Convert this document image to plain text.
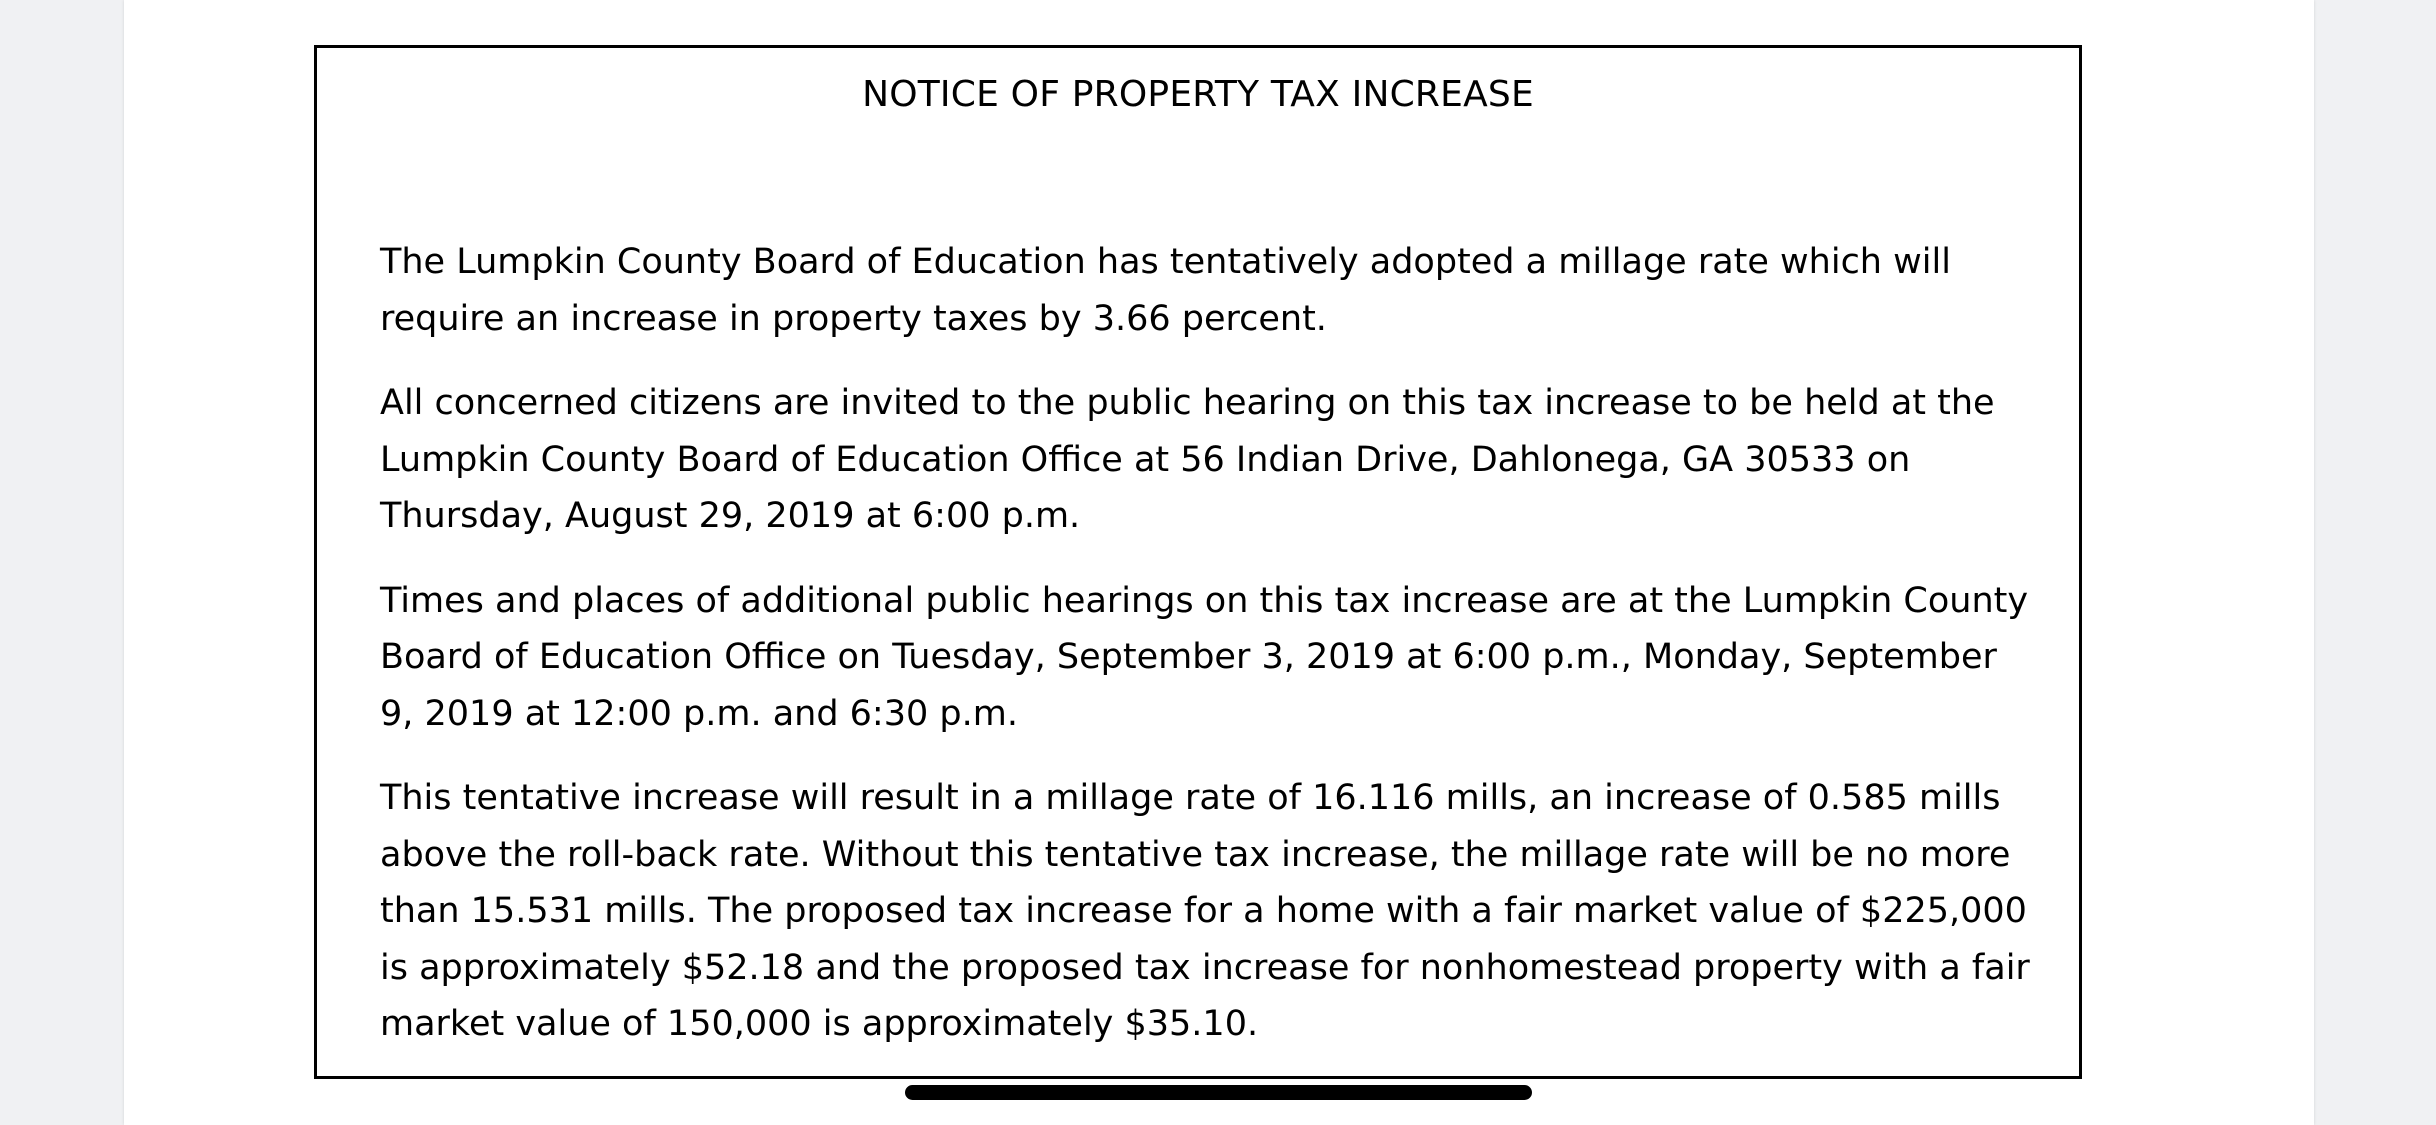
NOTICE OF PROPERTY TAX INCREASE

The Lumpkin County Board of Education has tentatively adopted a millage rate which will require an increase in property taxes by 3.66 percent.

All concerned citizens are invited to the public hearing on this tax increase to be held at the Lumpkin County Board of Education Office at 56 Indian Drive, Dahlonega, GA 30533 on Thursday, August 29, 2019 at 6:00 p.m.

Times and places of additional public hearings on this tax increase are at the Lumpkin County Board of Education Office on Tuesday, September 3, 2019 at 6:00 p.m., Monday, September 9, 2019 at 12:00 p.m. and 6:30 p.m.

This tentative increase will result in a millage rate of 16.116 mills, an increase of 0.585 mills above the roll-back rate. Without this tentative tax increase, the millage rate will be no more than 15.531 mills. The proposed tax increase for a home with a fair market value of $225,000 is approximately $52.18 and the proposed tax increase for nonhomestead property with a fair market value of 150,000 is approximately $35.10.
